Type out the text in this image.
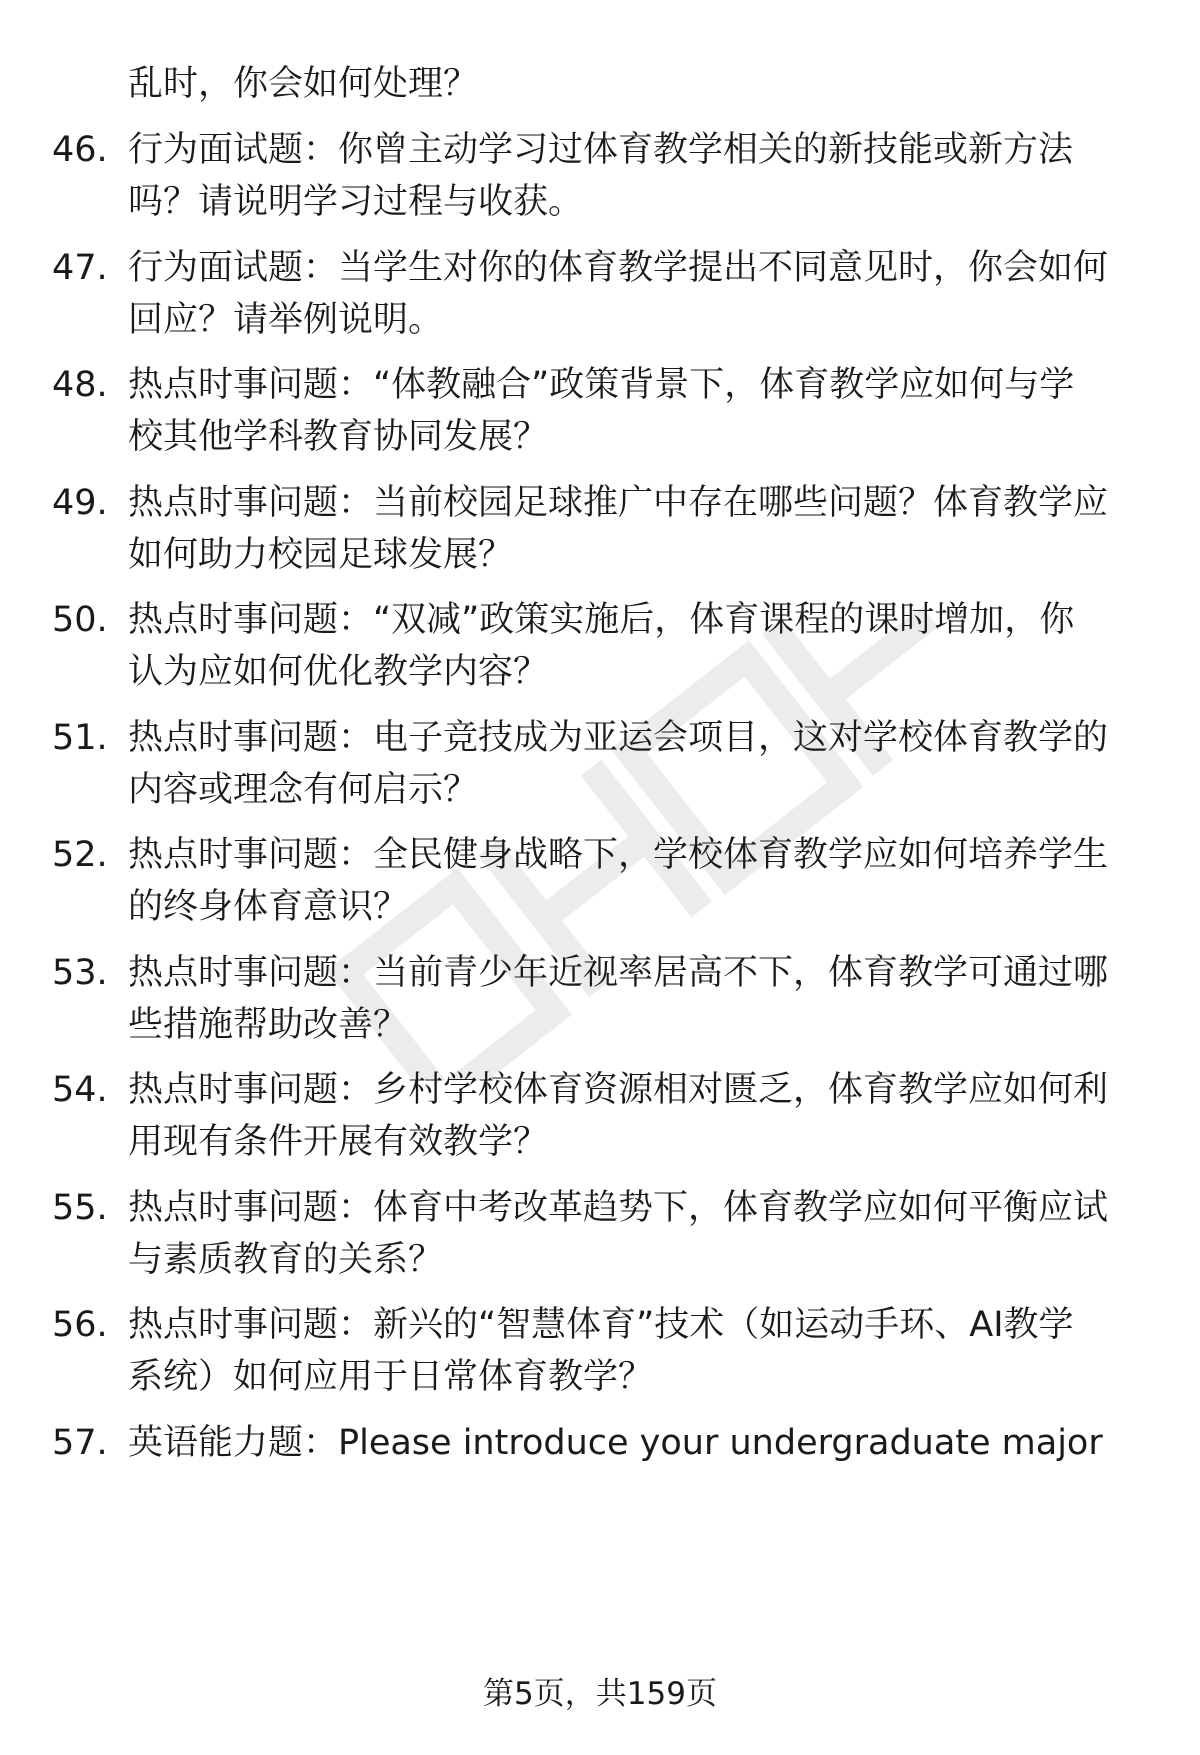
乱时，你会如何处理？
46. 行为面试题：你曾主动学习过体育教学相关的新技能或新方法
吗？请说明学习过程与收获。
47. 行为面试题：当学生对你的体育教学提出不同意见时，你会如何
回应？请举例说明。
48. 热点时事问题：“体教融合”政策背景下，体育教学应如何与学
校其他学科教育协同发展？
49. 热点时事问题：当前校园足球推广中存在哪些问题？体育教学应
如何助力校园足球发展？
50. 热点时事问题：“双减”政策实施后，体育课程的课时增加，你
认为应如何优化教学内容？
51. 热点时事问题：电子竞技成为亚运会项目，这对学校体育教学的
内容或理念有何启示？
52. 热点时事问题：全民健身战略下，学校体育教学应如何培养学生
的终身体育意识？
53. 热点时事问题：当前青少年近视率居高不下，体育教学可通过哪
些措施帮助改善？
54. 热点时事问题：乡村学校体育资源相对匮乏，体育教学应如何利
用现有条件开展有效教学？
55. 热点时事问题：体育中考改革趋势下，体育教学应如何平衡应试
与素质教育的关系？
56. 热点时事问题：新兴的“智慧体育”技术（如运动手环、AI教学
系统）如何应用于日常体育教学？
57. 英语能力题：Please introduce your undergraduate major
第5页，共159页
